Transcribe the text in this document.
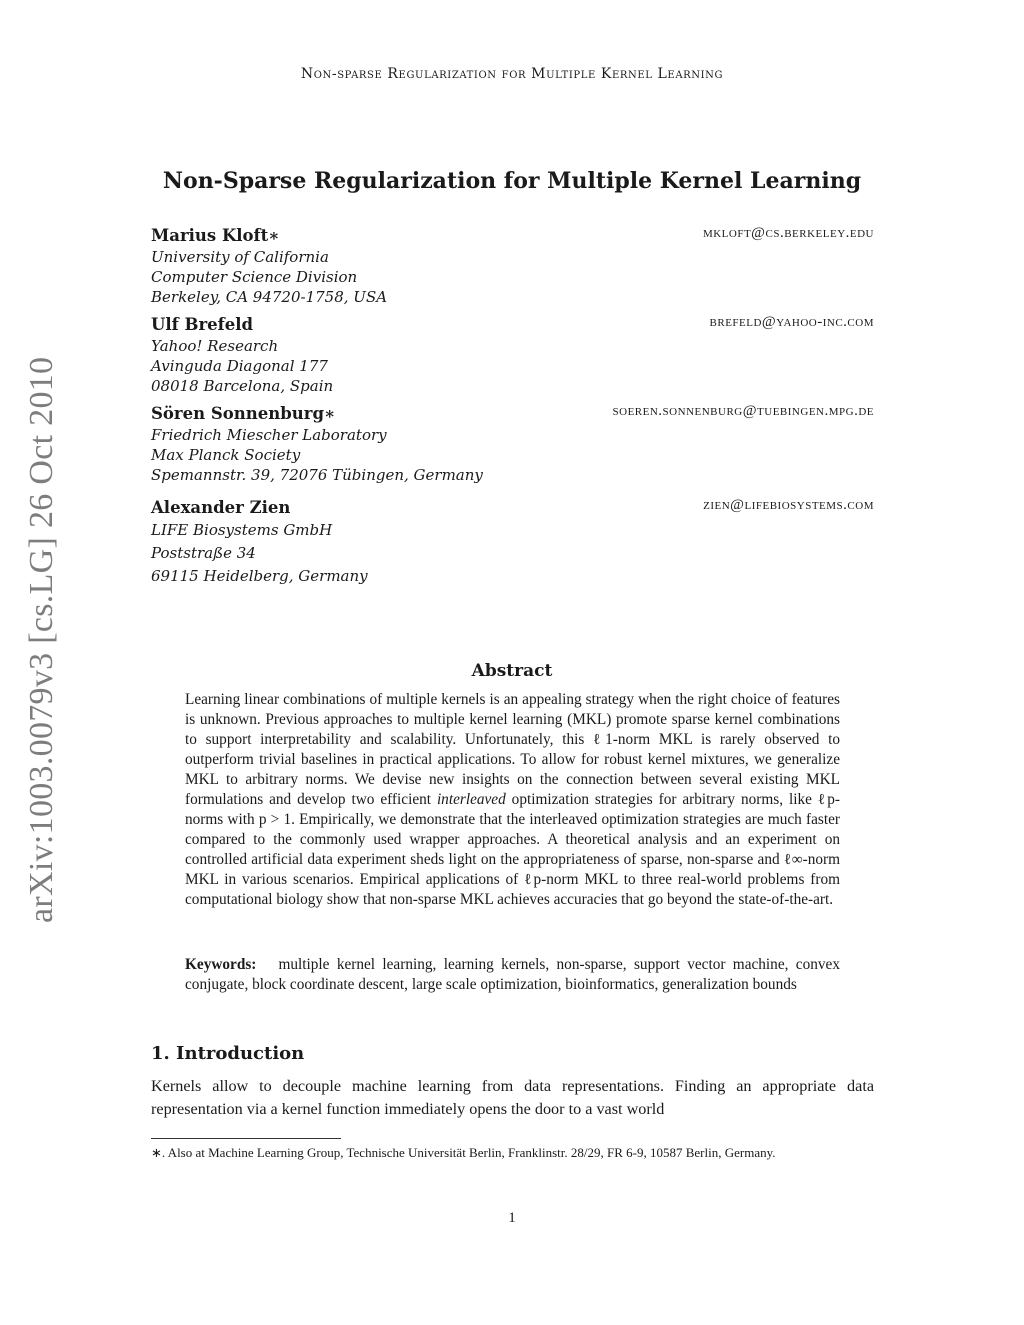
Non-sparse Regularization for Multiple Kernel Learning
arXiv:1003.0079v3 [cs.LG] 26 Oct 2010
Non-Sparse Regularization for Multiple Kernel Learning
Marius Kloft∗	mkloft@cs.berkeley.edu
University of California
Computer Science Division
Berkeley, CA 94720-1758, USA
Ulf Brefeld	brefeld@yahoo-inc.com
Yahoo! Research
Avinguda Diagonal 177
08018 Barcelona, Spain
Sören Sonnenburg∗	soeren.sonnenburg@tuebingen.mpg.de
Friedrich Miescher Laboratory
Max Planck Society
Spemannstr. 39, 72076 Tübingen, Germany
Alexander Zien	zien@lifebiosystems.com
LIFE Biosystems GmbH
Poststraße 34
69115 Heidelberg, Germany
Abstract
Learning linear combinations of multiple kernels is an appealing strategy when the right choice of features is unknown. Previous approaches to multiple kernel learning (MKL) promote sparse kernel combinations to support interpretability and scalability. Unfortunately, this ℓ1-norm MKL is rarely observed to outperform trivial baselines in practical applications. To allow for robust kernel mixtures, we generalize MKL to arbitrary norms. We devise new insights on the connection between several existing MKL formulations and develop two efficient interleaved optimization strategies for arbitrary norms, like ℓp-norms with p > 1. Empirically, we demonstrate that the interleaved optimization strategies are much faster compared to the commonly used wrapper approaches. A theoretical analysis and an experiment on controlled artificial data experiment sheds light on the appropriateness of sparse, non-sparse and ℓ∞-norm MKL in various scenarios. Empirical applications of ℓp-norm MKL to three real-world problems from computational biology show that non-sparse MKL achieves accuracies that go beyond the state-of-the-art.
Keywords: multiple kernel learning, learning kernels, non-sparse, support vector machine, convex conjugate, block coordinate descent, large scale optimization, bioinformatics, generalization bounds
1. Introduction
Kernels allow to decouple machine learning from data representations. Finding an appropriate data representation via a kernel function immediately opens the door to a vast world
∗. Also at Machine Learning Group, Technische Universität Berlin, Franklinstr. 28/29, FR 6-9, 10587 Berlin, Germany.
1
